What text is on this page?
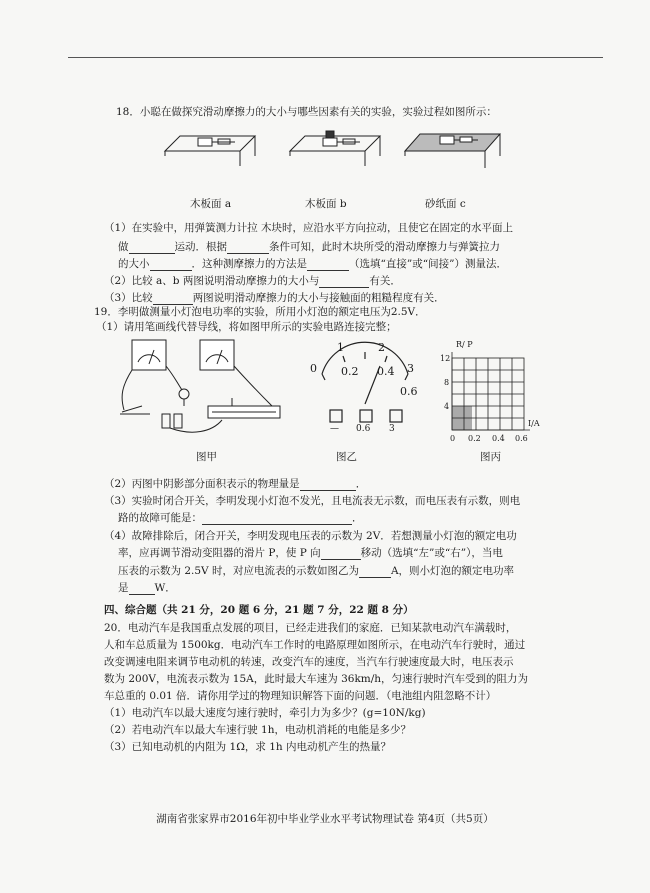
18．小聪在做探究滑动摩擦力的大小与哪些因素有关的实验，实验过程如图所示：
木板面 a	木板面 b	砂纸面 c
（1）在实验中，用弹簧测力计拉 木块时，应沿水平方向拉动，且使它在固定的水平面上
做	运动．根据	条件可知，此时木块所受的滑动摩擦力与弹簧拉力
的大小	．这种测摩擦力的方法是	（选填“直接”或“间接”）测量法．
（2）比较 a、b 两图说明滑动摩擦力的大小与	有关．
（3）比较	两图说明滑动摩擦力的大小与接触面的粗糙程度有关．
19．李明做测量小灯泡电功率的实验，所用小灯泡的额定电压为2.5V．
（1）请用笔画线代替导线，将如图甲所示的实验电路连接完整；
图甲
0
1	2
3
0.2 0.4
0.6
— 0.6 3
图乙
R/ P
I/A
12
8
4
0 0.2 0.4 0.6
图丙
（2）丙图中阴影部分面积表示的物理量是	．
（3）实验时闭合开关，李明发现小灯泡不发光，且电流表无示数，而电压表有示数，则电
路的故障可能是：	．
（4）故障排除后，闭合开关，李明发现电压表的示数为 2V．若想测量小灯泡的额定电功
率，应再调节滑动变阻器的滑片 P，使 P 向	移动（选填“左”或“右”），当电
压表的示数为 2.5V 时，对应电流表的示数如图乙为	A，则小灯泡的额定电功率
是 W．
四、综合题（共 21 分，20 题 6 分，21 题 7 分，22 题 8 分）
20．电动汽车是我国重点发展的项目，已经走进我们的家庭．已知某款电动汽车满载时，
人和车总质量为 1500kg．电动汽车工作时的电路原理如图所示，在电动汽车行驶时，通过
改变调速电阻来调节电动机的转速，改变汽车的速度，当汽车行驶速度最大时，电压表示
数为 200V，电流表示数为 15A，此时最大车速为 36km/h，匀速行驶时汽车受到的阻力为
车总重的 0.01 倍．请你用学过的物理知识解答下面的问题．（电池组内阻忽略不计）
（1）电动汽车以最大速度匀速行驶时，牵引力为多少？(g=10N/kg)
（2）若电动汽车以最大车速行驶 1h，电动机消耗的电能是多少？
（3）已知电动机的内阻为 1Ω，求 1h 内电动机产生的热量？
湖南省张家界市2016年初中毕业学业水平考试物理试卷 第4页（共5页）
